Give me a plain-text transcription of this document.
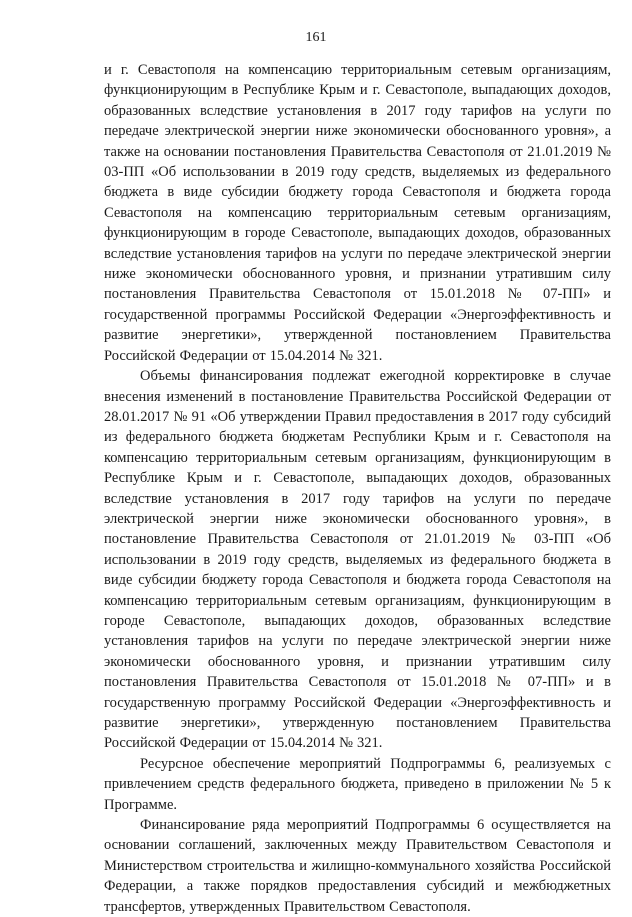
161

и г. Севастополя на компенсацию территориальным сетевым организациям, функционирующим в Республике Крым и г. Севастополе, выпадающих доходов, образованных вследствие установления в 2017 году тарифов на услуги по передаче электрической энергии ниже экономически обоснованного уровня», а также на основании постановления Правительства Севастополя от 21.01.2019 № 03-ПП «Об использовании в 2019 году средств, выделяемых из федерального бюджета в виде субсидии бюджету города Севастополя и бюджета города Севастополя на компенсацию территориальным сетевым организациям, функционирующим в городе Севастополе, выпадающих доходов, образованных вследствие установления тарифов на услуги по передаче электрической энергии ниже экономически обоснованного уровня, и признании утратившим силу постановления Правительства Севастополя от 15.01.2018 № 07-ПП» и государственной программы Российской Федерации «Энергоэффективность и развитие энергетики», утвержденной постановлением Правительства Российской Федерации от 15.04.2014 № 321.

Объемы финансирования подлежат ежегодной корректировке в случае внесения изменений в постановление Правительства Российской Федерации от 28.01.2017 № 91 «Об утверждении Правил предоставления в 2017 году субсидий из федерального бюджета бюджетам Республики Крым и г. Севастополя на компенсацию территориальным сетевым организациям, функционирующим в Республике Крым и г. Севастополе, выпадающих доходов, образованных вследствие установления в 2017 году тарифов на услуги по передаче электрической энергии ниже экономически обоснованного уровня», в постановление Правительства Севастополя от 21.01.2019 № 03-ПП «Об использовании в 2019 году средств, выделяемых из федерального бюджета в виде субсидии бюджету города Севастополя и бюджета города Севастополя на компенсацию территориальным сетевым организациям, функционирующим в городе Севастополе, выпадающих доходов, образованных вследствие установления тарифов на услуги по передаче электрической энергии ниже экономически обоснованного уровня, и признании утратившим силу постановления Правительства Севастополя от 15.01.2018 № 07-ПП» и в государственную программу Российской Федерации «Энергоэффективность и развитие энергетики», утвержденную постановлением Правительства Российской Федерации от 15.04.2014 № 321.

Ресурсное обеспечение мероприятий Подпрограммы 6, реализуемых с привлечением средств федерального бюджета, приведено в приложении № 5 к Программе.

Финансирование ряда мероприятий Подпрограммы 6 осуществляется на основании соглашений, заключенных между Правительством Севастополя и Министерством строительства и жилищно-коммунального хозяйства Российской Федерации, а также порядков предоставления субсидий и межбюджетных трансфертов, утвержденных Правительством Севастополя.
